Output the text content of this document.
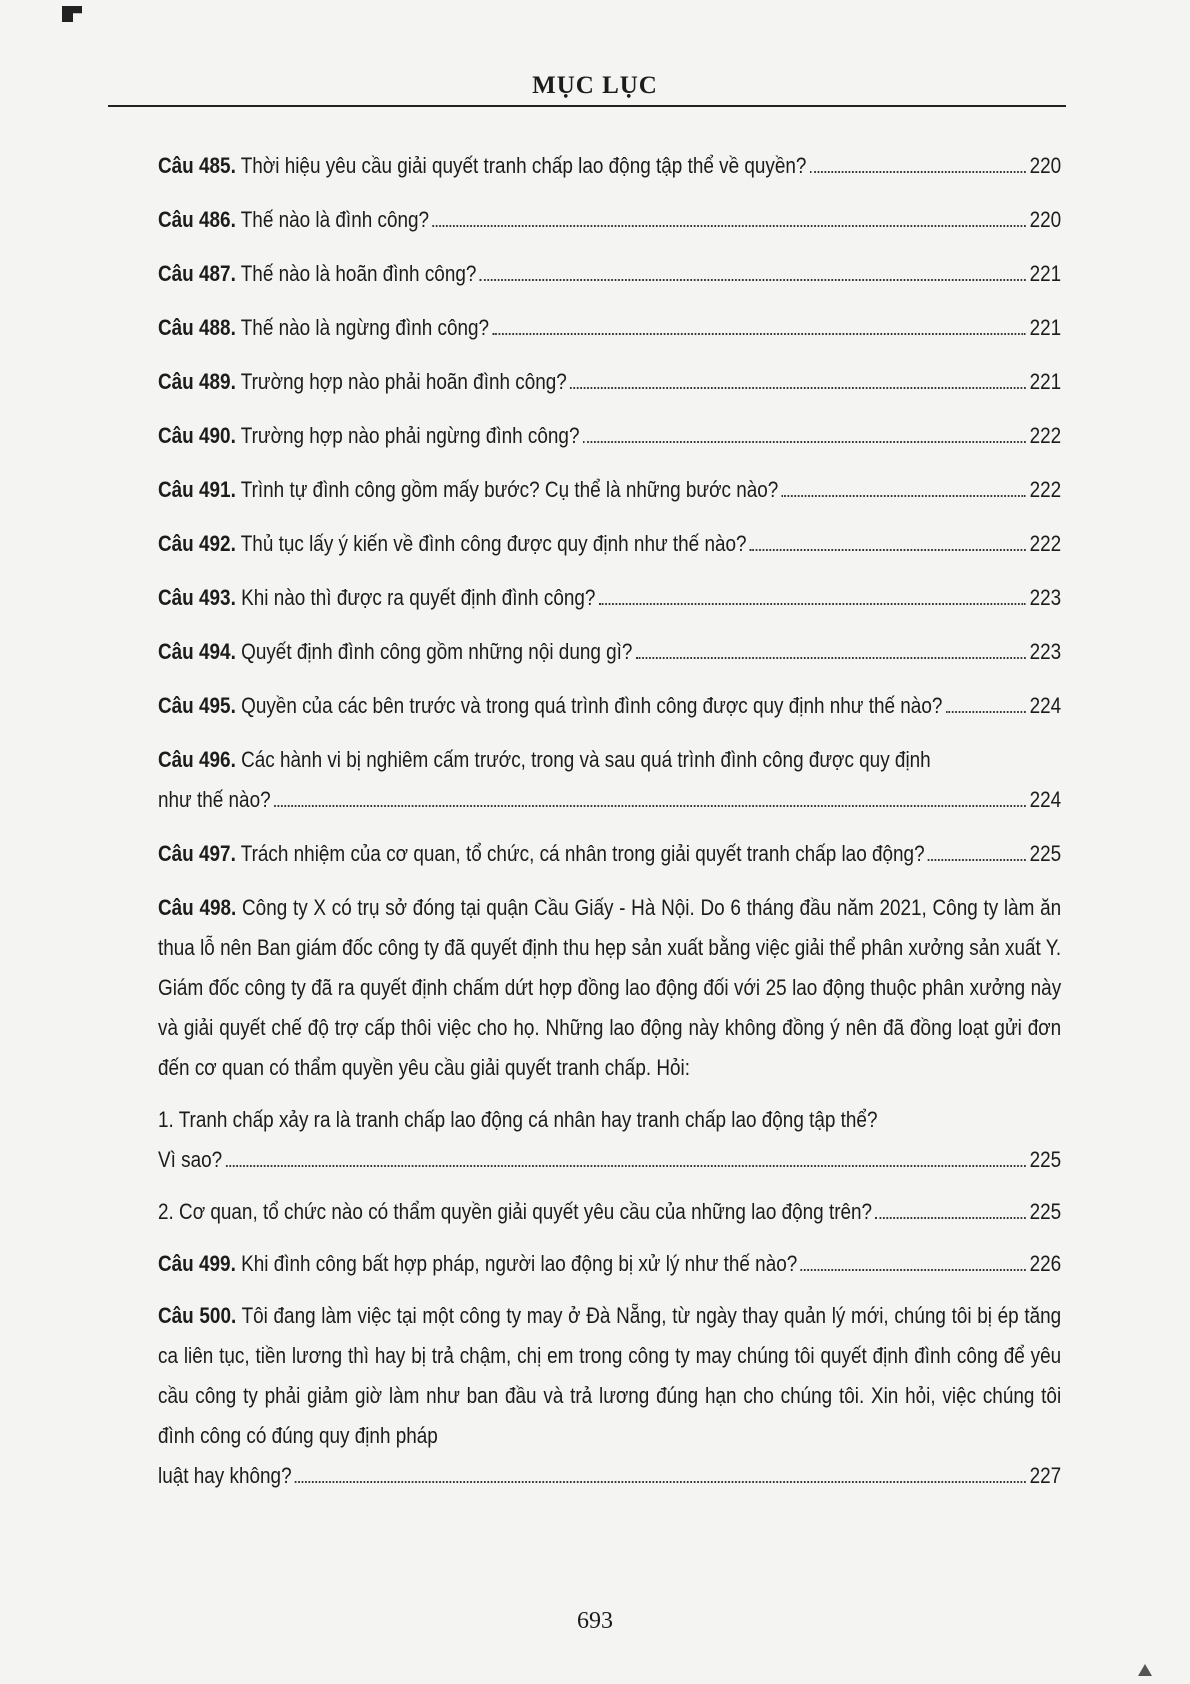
MỤC LỤC
Câu 485. Thời hiệu yêu cầu giải quyết tranh chấp lao động tập thể về quyền?	220
Câu 486. Thế nào là đình công?	220
Câu 487. Thế nào là hoãn đình công?	221
Câu 488. Thế nào là ngừng đình công?	221
Câu 489. Trường hợp nào phải hoãn đình công?	221
Câu 490. Trường hợp nào phải ngừng đình công?	222
Câu 491. Trình tự đình công gồm mấy bước? Cụ thể là những bước nào?	222
Câu 492. Thủ tục lấy ý kiến về đình công được quy định như thế nào?	222
Câu 493. Khi nào thì được ra quyết định đình công?	223
Câu 494. Quyết định đình công gồm những nội dung gì?	223
Câu 495. Quyền của các bên trước và trong quá trình đình công được quy định như thế nào?	224
Câu 496. Các hành vi bị nghiêm cấm trước, trong và sau quá trình đình công được quy định
như thế nào?	224
Câu 497. Trách nhiệm của cơ quan, tổ chức, cá nhân trong giải quyết tranh chấp lao động?	225
Câu 498. Công ty X có trụ sở đóng tại quận Cầu Giấy - Hà Nội. Do 6 tháng đầu năm 2021, Công ty làm ăn thua lỗ nên Ban giám đốc công ty đã quyết định thu hẹp sản xuất bằng việc giải thể phân xưởng sản xuất Y. Giám đốc công ty đã ra quyết định chấm dứt hợp đồng lao động đối với 25 lao động thuộc phân xưởng này và giải quyết chế độ trợ cấp thôi việc cho họ. Những lao động này không đồng ý nên đã đồng loạt gửi đơn đến cơ quan có thẩm quyền yêu cầu giải quyết tranh chấp. Hỏi:
1. Tranh chấp xảy ra là tranh chấp lao động cá nhân hay tranh chấp lao động tập thể?
Vì sao?	225
2. Cơ quan, tổ chức nào có thẩm quyền giải quyết yêu cầu của những lao động trên?	225
Câu 499. Khi đình công bất hợp pháp, người lao động bị xử lý như thế nào?	226
Câu 500. Tôi đang làm việc tại một công ty may ở Đà Nẵng, từ ngày thay quản lý mới, chúng tôi bị ép tăng ca liên tục, tiền lương thì hay bị trả chậm, chị em trong công ty may chúng tôi quyết định đình công để yêu cầu công ty phải giảm giờ làm như ban đầu và trả lương đúng hạn cho chúng tôi. Xin hỏi, việc chúng tôi đình công có đúng quy định pháp
luật hay không?	227
693
